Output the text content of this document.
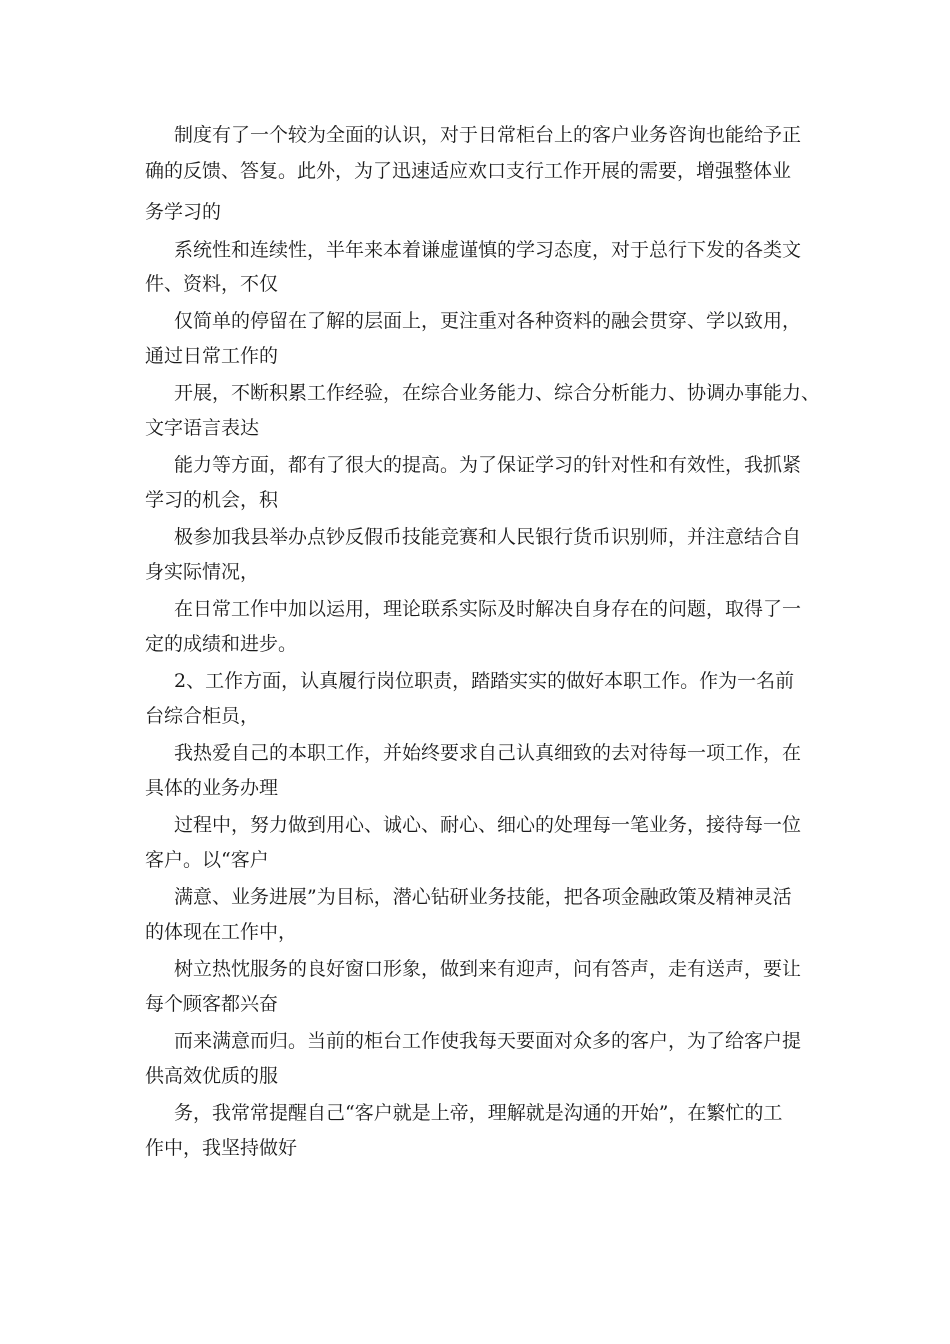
制度有了一个较为全面的认识，对于日常柜台上的客户业务咨询也能给予正
确的反馈、答复。此外，为了迅速适应欢口支行工作开展的需要，增强整体业
务学习的
系统性和连续性，半年来本着谦虚谨慎的学习态度，对于总行下发的各类文
件、资料，不仅
仅简单的停留在了解的层面上，更注重对各种资料的融会贯穿、学以致用，
通过日常工作的
开展，不断积累工作经验，在综合业务能力、综合分析能力、协调办事能力、
文字语言表达
能力等方面，都有了很大的提高。为了保证学习的针对性和有效性，我抓紧
学习的机会，积
极参加我县举办点钞反假币技能竞赛和人民银行货币识别师，并注意结合自
身实际情况，
在日常工作中加以运用，理论联系实际及时解决自身存在的问题，取得了一
定的成绩和进步。
2、工作方面，认真履行岗位职责，踏踏实实的做好本职工作。作为一名前
台综合柜员，
我热爱自己的本职工作，并始终要求自己认真细致的去对待每一项工作，在
具体的业务办理
过程中，努力做到用心、诚心、耐心、细心的处理每一笔业务，接待每一位
客户。以“客户
满意、业务进展”为目标，潜心钻研业务技能，把各项金融政策及精神灵活
的体现在工作中，
树立热忱服务的良好窗口形象，做到来有迎声，问有答声，走有送声，要让
每个顾客都兴奋
而来满意而归。当前的柜台工作使我每天要面对众多的客户，为了给客户提
供高效优质的服
务，我常常提醒自己“客户就是上帝，理解就是沟通的开始”，在繁忙的工
作中，我坚持做好
